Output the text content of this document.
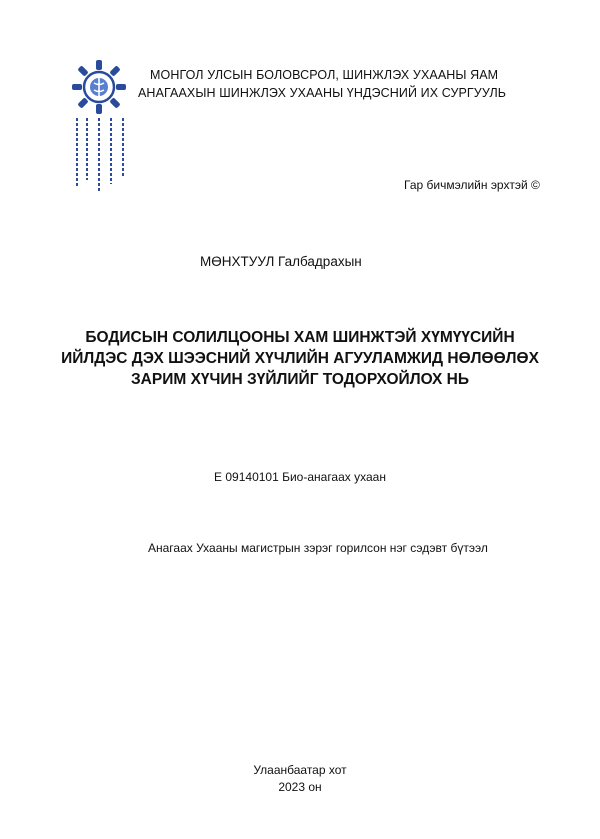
МОНГОЛ УЛСЫН БОЛОВСРОЛ, ШИНЖЛЭХ УХААНЫ ЯАМ
АНАГААХЫН ШИНЖЛЭХ УХААНЫ ҮНДЭСНИЙ ИХ СУРГУУЛЬ
Гар бичмэлийн эрхтэй ©
МӨНХТУУЛ Галбадрахын
БОДИСЫН СОЛИЛЦООНЫ ХАМ ШИНЖТЭЙ ХҮМҮҮСИЙН
ИЙЛДЭС ДЭХ ШЭЭСНИЙ ХҮЧЛИЙН АГУУЛАМЖИД НӨЛӨӨЛӨХ
ЗАРИМ ХҮЧИН ЗҮЙЛИЙГ ТОДОРХОЙЛОХ НЬ
E 09140101 Био-анагаах ухаан
Анагаах Ухааны магистрын зэрэг горилсон нэг сэдэвт бүтээл
Улаанбаатар хот
2023 он
